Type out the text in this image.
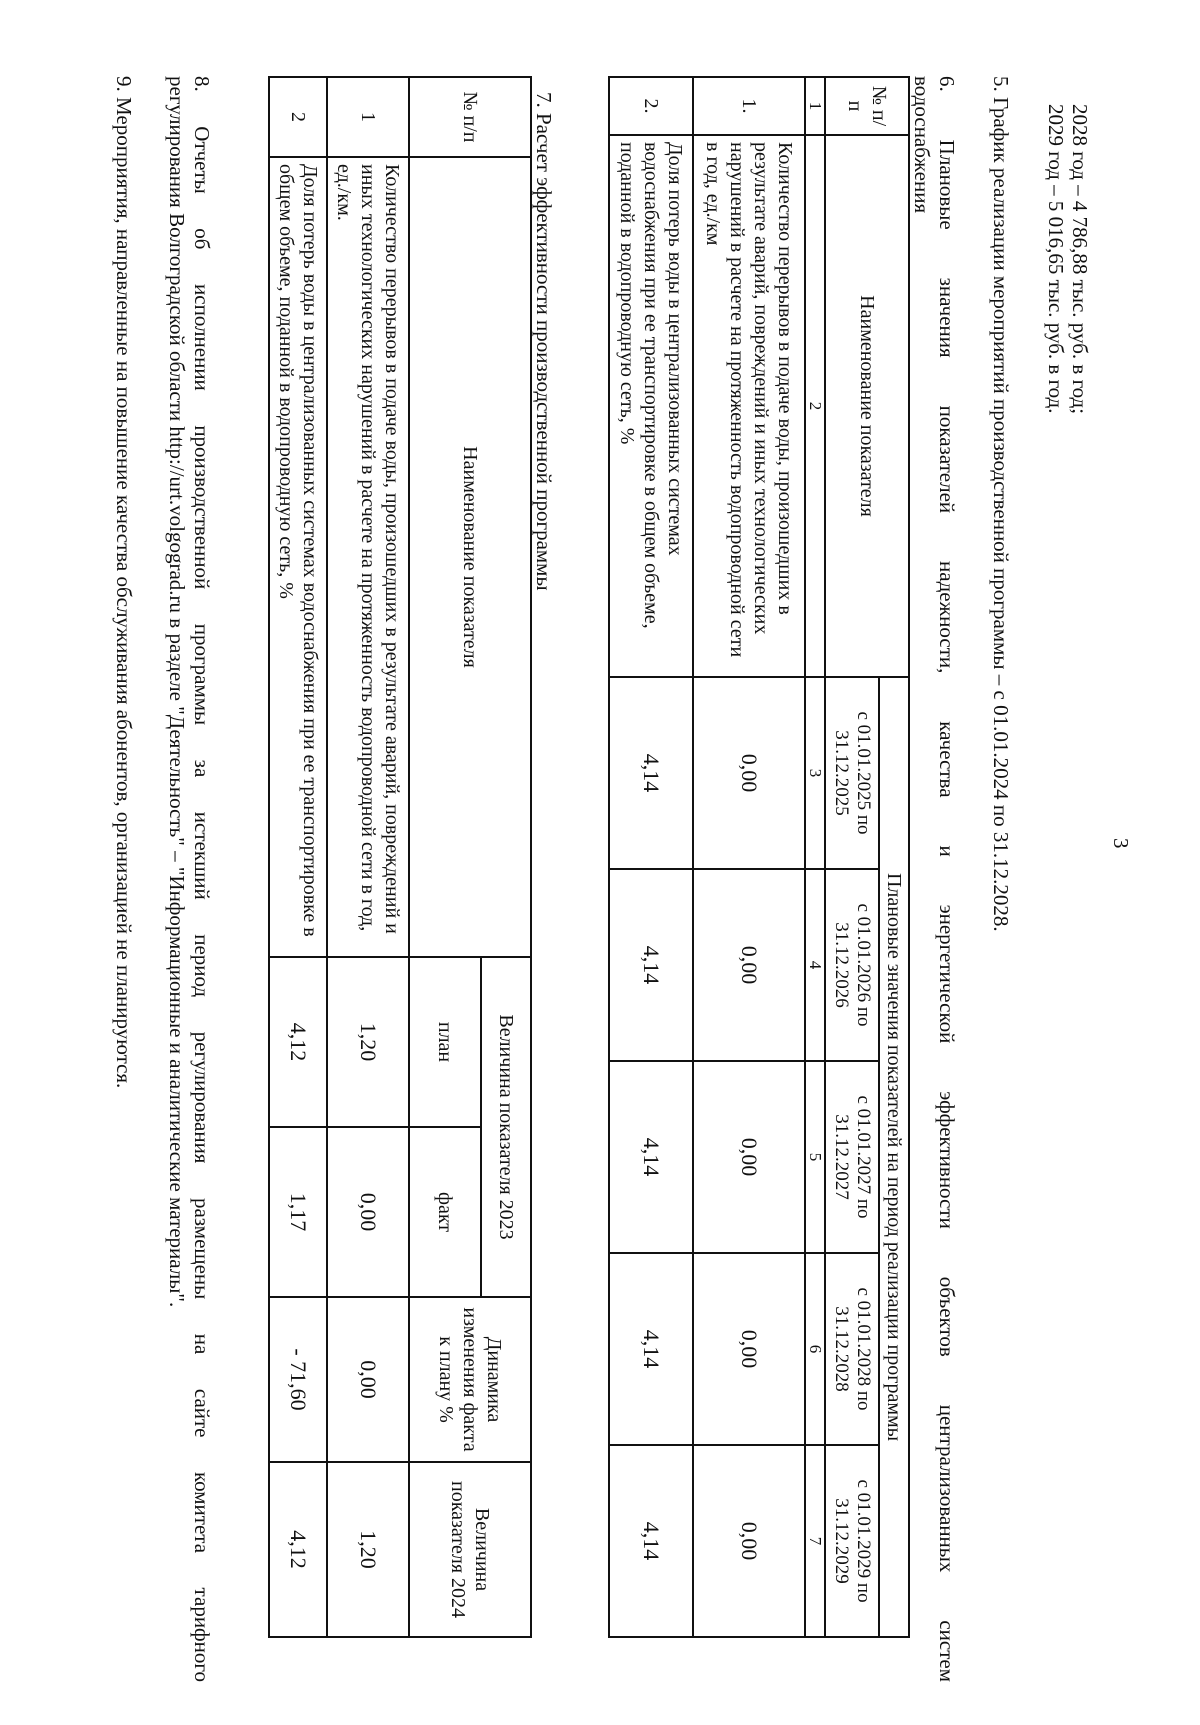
3
2028 год – 4 786,88 тыс. руб. в год;
2029 год – 5 016,65 тыс. руб. в год.
5. График реализации мероприятий производственной программы – с 01.01.2024 по 31.12.2028.
6. Плановые значения показателей надежности, качества и энергетической эффективности объектов централизованных систем
водоснабжения
№ п/п	Наименование показателя	Плановые значения показателей на период реализации программы				
		с 01.01.2025 по 31.12.2025	с 01.01.2026 по 31.12.2026	с 01.01.2027 по 31.12.2027	с 01.01.2028 по 31.12.2028	с 01.01.2029 по 31.12.2029
1	2	3	4	5	6	7
1.	Количество перерывов в подаче воды, произошедших в результате аварий, повреждений и иных технологических нарушений в расчете на протяженность водопроводной сети в год, ед./км	0,00	0,00	0,00	0,00	0,00
2.	Доля потерь воды в централизованных системах водоснабжения при ее транспортировке в общем объеме, поданной в водопроводную сеть, %	4,14	4,14	4,14	4,14	4,14
7. Расчет эффективности производственной программы
№ п/п	Наименование показателя	Величина показателя 2023		Динамика изменения факта к плану %	Величина показателя 2024
		план	факт		
1	Количество перерывов в подаче воды, произошедших в результате аварий, повреждений и иных технологических нарушений в расчете на протяженность водопроводной сети в год, ед./км.	1,20	0,00	0,00	1,20
2	Доля потерь воды в централизованных системах водоснабжения при ее транспортировке в общем объеме, поданной в водопроводную сеть, %	4,12	1,17	- 71,60	4,12
8. Отчеты об исполнении производственной программы за истекший период регулирования размещены на сайте комитета тарифного
регулирования Волгоградской области http://urt.volgograd.ru в разделе "Деятельность" – "Информационные и аналитические материалы".
9. Мероприятия, направленные на повышение качества обслуживания абонентов, организацией не планируются.
